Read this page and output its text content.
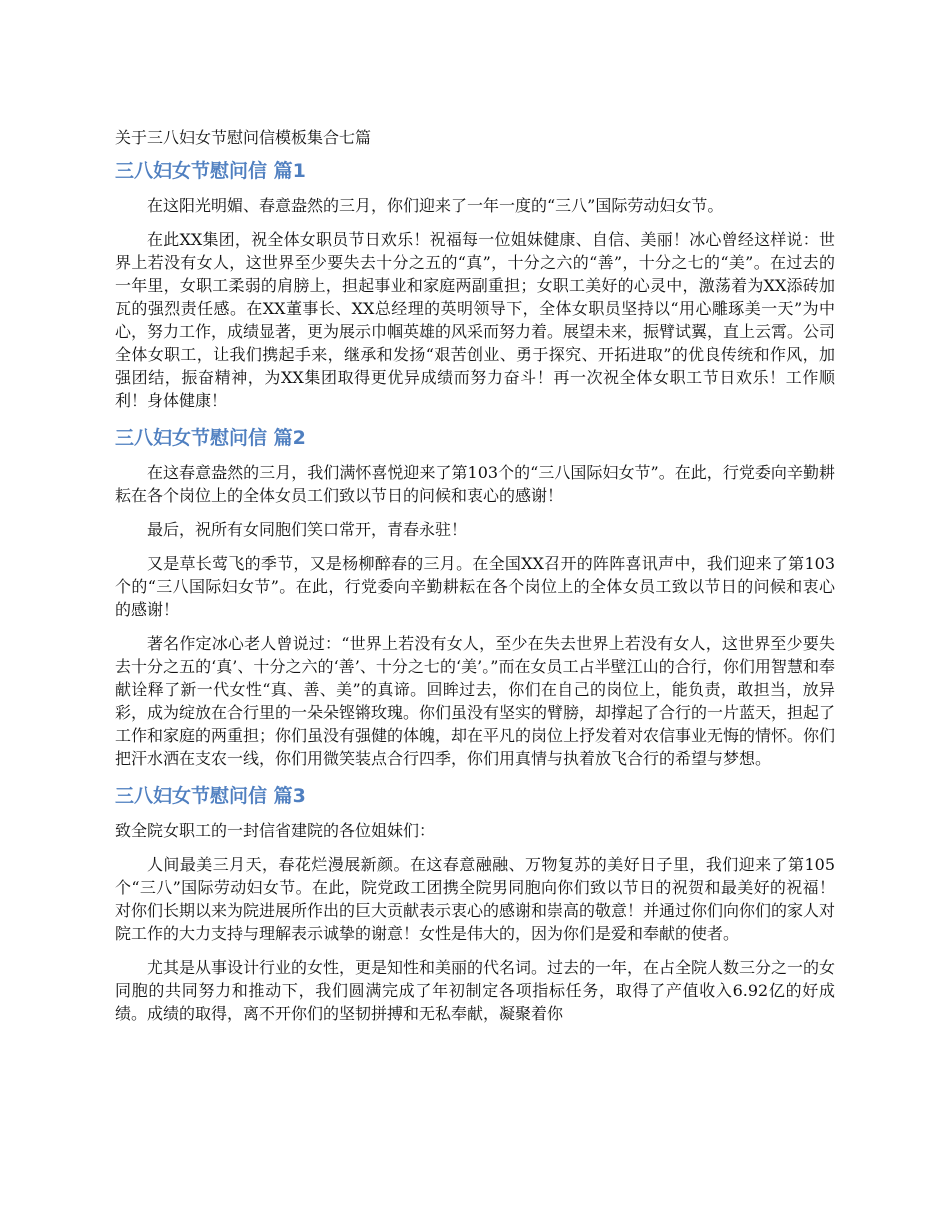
关于三八妇女节慰问信模板集合七篇
三八妇女节慰问信 篇1

在这阳光明媚、春意盎然的三月，你们迎来了一年一度的“三八”国际劳动妇女节。

在此XX集团，祝全体女职员节日欢乐！祝福每一位姐妹健康、自信、美丽！冰心曾经这样说：世界上若没有女人，这世界至少要失去十分之五的“真”，十分之六的“善”，十分之七的“美”。在过去的一年里，女职工柔弱的肩膀上，担起事业和家庭两副重担；女职工美好的心灵中，激荡着为XX添砖加瓦的强烈责任感。在XX董事长、XX总经理的英明领导下，全体女职员坚持以“用心雕琢美一天”为中心，努力工作，成绩显著，更为展示巾帼英雄的风采而努力着。展望未来，振臂试翼，直上云霄。公司全体女职工，让我们携起手来，继承和发扬“艰苦创业、勇于探究、开拓进取”的优良传统和作风，加强团结，振奋精神，为XX集团取得更优异成绩而努力奋斗！再一次祝全体女职工节日欢乐！工作顺利！身体健康！

三八妇女节慰问信 篇2

在这春意盎然的三月，我们满怀喜悦迎来了第103个的“三八国际妇女节”。在此，行党委向辛勤耕耘在各个岗位上的全体女员工们致以节日的问候和衷心的感谢！

最后，祝所有女同胞们笑口常开，青春永驻！

又是草长莺飞的季节，又是杨柳醉春的三月。在全国XX召开的阵阵喜讯声中，我们迎来了第103个的“三八国际妇女节”。在此，行党委向辛勤耕耘在各个岗位上的全体女员工致以节日的问候和衷心的感谢！

著名作定冰心老人曾说过：“世界上若没有女人，至少在失去世界上若没有女人，这世界至少要失去十分之五的‘真’、十分之六的‘善’、十分之七的‘美’。”而在女员工占半壁江山的合行，你们用智慧和奉献诠释了新一代女性“真、善、美”的真谛。回眸过去，你们在自己的岗位上，能负责，敢担当，放异彩，成为绽放在合行里的一朵朵铿锵玫瑰。你们虽没有坚实的臂膀，却撑起了合行的一片蓝天，担起了工作和家庭的两重担；你们虽没有强健的体魄，却在平凡的岗位上抒发着对农信事业无悔的情怀。你们把汗水洒在支农一线，你们用微笑装点合行四季，你们用真情与执着放飞合行的希望与梦想。

三八妇女节慰问信 篇3

致全院女职工的一封信省建院的各位姐妹们：

人间最美三月天，春花烂漫展新颜。在这春意融融、万物复苏的美好日子里，我们迎来了第105个“三八”国际劳动妇女节。在此，院党政工团携全院男同胞向你们致以节日的祝贺和最美好的祝福！对你们长期以来为院进展所作出的巨大贡献表示衷心的感谢和崇高的敬意！并通过你们向你们的家人对院工作的大力支持与理解表示诚挚的谢意！女性是伟大的，因为你们是爱和奉献的使者。

尤其是从事设计行业的女性，更是知性和美丽的代名词。过去的一年，在占全院人数三分之一的女同胞的共同努力和推动下，我们圆满完成了年初制定各项指标任务，取得了产值收入6.92亿的好成绩。成绩的取得，离不开你们的坚韧拼搏和无私奉献，凝聚着你
